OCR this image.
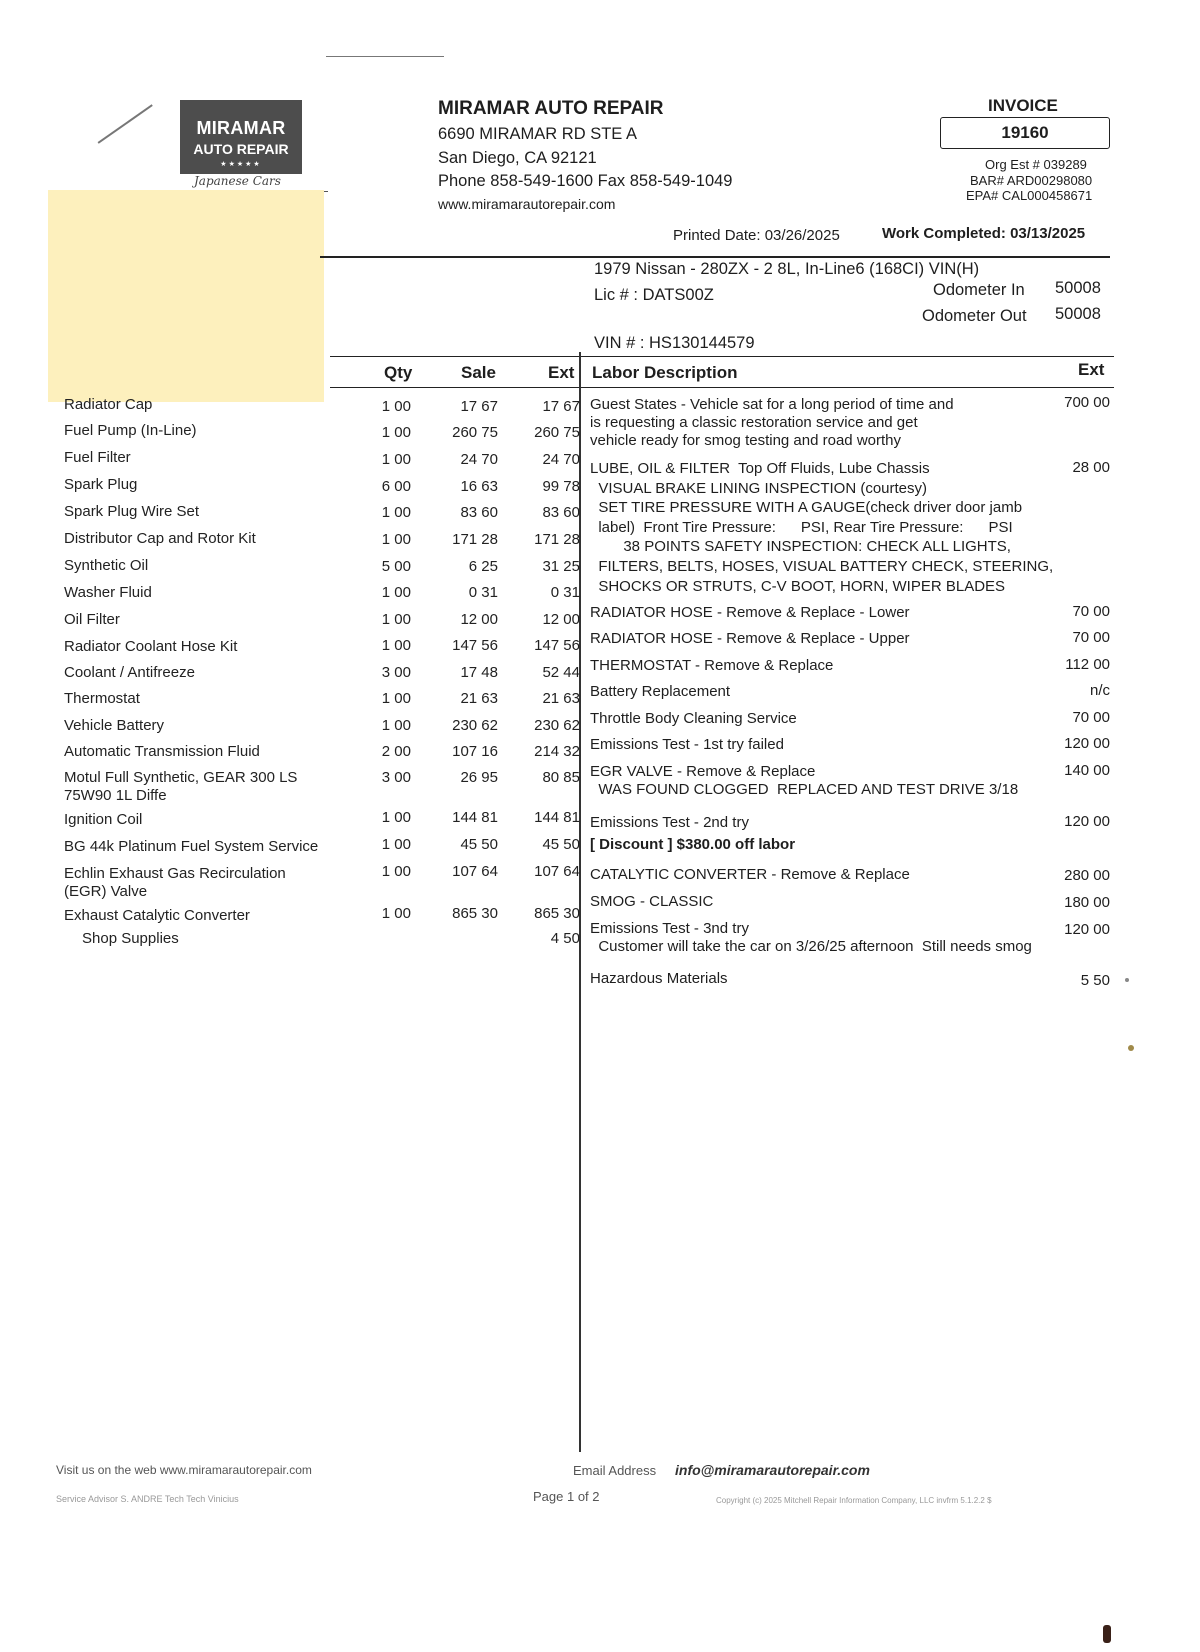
MIRAMAR
AUTO REPAIR
★★★★★
Japanese Cars
MIRAMAR AUTO REPAIR
6690 MIRAMAR RD STE A
San Diego, CA 92121
Phone 858-549-1600 Fax 858-549-1049
www.miramarautorepair.com
INVOICE
19160
Org Est # 039289
BAR# ARD00298080
EPA# CAL000458671
Printed Date: 03/26/2025	Work Completed: 03/13/2025
1979 Nissan - 280ZX - 2 8L, In-Line6 (168CI) VIN(H)
Lic # : DATS00Z	Odometer In 50008
Odometer Out 50008
VIN # : HS130144579
Qty	Sale	Ext Labor Description	Ext
Radiator Cap	1 00	17 67	17 67
Fuel Pump (In-Line)	1 00	260 75	260 75
Fuel Filter	1 00	24 70	24 70
Spark Plug	6 00	16 63	99 78
Spark Plug Wire Set	1 00	83 60	83 60
Distributor Cap and Rotor Kit	1 00	171 28	171 28
Synthetic Oil	5 00	6 25	31 25
Washer Fluid	1 00	0 31	0 31
Oil Filter	1 00	12 00	12 00
Radiator Coolant Hose Kit	1 00	147 56	147 56
Coolant / Antifreeze	3 00	17 48	52 44
Thermostat	1 00	21 63	21 63
Vehicle Battery	1 00	230 62	230 62
Automatic Transmission Fluid	2 00	107 16	214 32
Motul Full Synthetic, GEAR 300 LS
75W90 1L Diffe
3 00	26 95	80 85
Ignition Coil	1 00	144 81	144 81
BG 44k Platinum Fuel System Service	1 00	45 50	45 50
Echlin Exhaust Gas Recirculation
(EGR) Valve
1 00	107 64	107 64
Exhaust Catalytic Converter	1 00	865 30	865 30
Shop Supplies	4 50
Guest States - Vehicle sat for a long period of time and
is requesting a classic restoration service and get
vehicle ready for smog testing and road worthy
700 00
LUBE, OIL & FILTER  Top Off Fluids, Lube Chassis
VISUAL BRAKE LINING INSPECTION (courtesy)
SET TIRE PRESSURE WITH A GAUGE(check driver door jamb
label)  Front Tire Pressure:      PSI, Rear Tire Pressure:      PSI
38 POINTS SAFETY INSPECTION: CHECK ALL LIGHTS,
FILTERS, BELTS, HOSES, VISUAL BATTERY CHECK, STEERING,
SHOCKS OR STRUTS, C-V BOOT, HORN, WIPER BLADES
28 00
RADIATOR HOSE - Remove & Replace - Lower	70 00
RADIATOR HOSE - Remove & Replace - Upper	70 00
THERMOSTAT - Remove & Replace	112 00
Battery Replacement	n/c
Throttle Body Cleaning Service	70 00
Emissions Test - 1st try failed	120 00
EGR VALVE - Remove & Replace
WAS FOUND CLOGGED  REPLACED AND TEST DRIVE 3/18
140 00
Emissions Test - 2nd try	120 00
[ Discount ] $380.00 off labor
CATALYTIC CONVERTER - Remove & Replace	280 00
SMOG - CLASSIC	180 00
Emissions Test - 3nd try
Customer will take the car on 3/26/25 afternoon  Still needs smog
120 00
Hazardous Materials	5 50
Visit us on the web www.miramarautorepair.com
Service Advisor S. ANDRE Tech Tech Vinicius
Email Address info@miramarautorepair.com
Page 1 of 2	Copyright (c) 2025 Mitchell Repair Information Company, LLC invfrm 5.1.2.2 $
